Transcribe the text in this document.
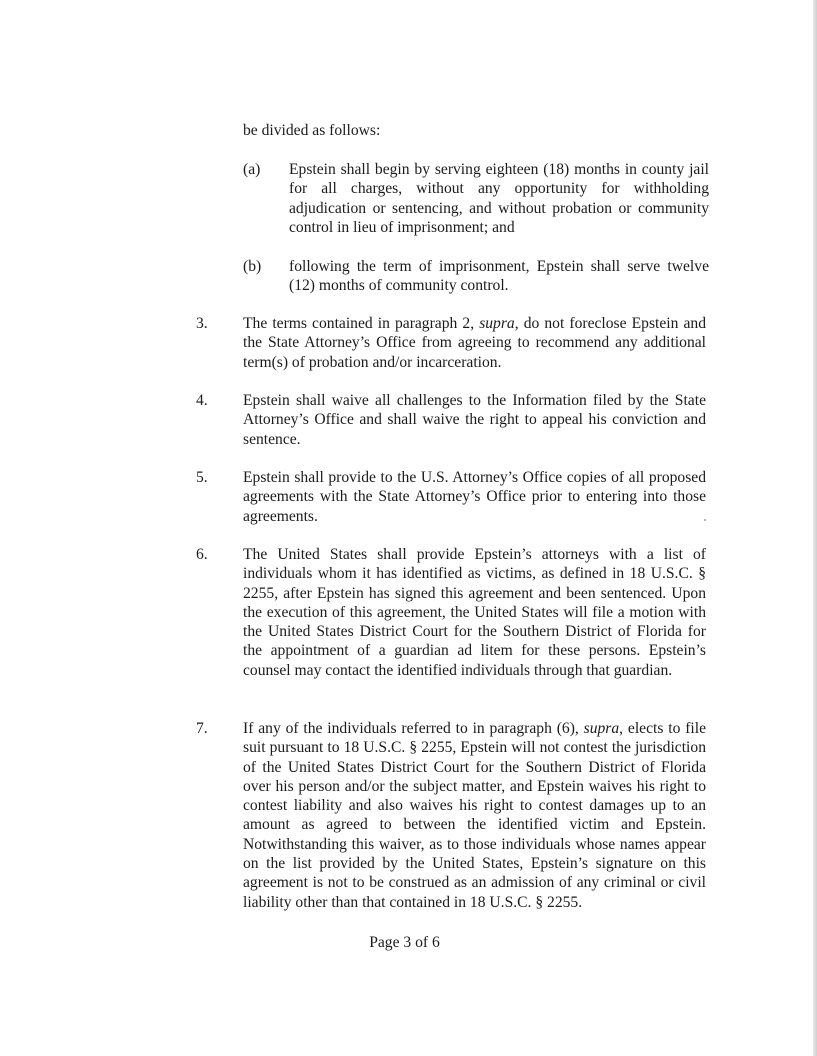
be divided as follows:
(a) Epstein shall begin by serving eighteen (18) months in county jail for all charges, without any opportunity for withholding adjudication or sentencing, and without probation or community control in lieu of imprisonment; and
(b) following the term of imprisonment, Epstein shall serve twelve (12) months of community control.
3. The terms contained in paragraph 2, supra, do not foreclose Epstein and the State Attorney’s Office from agreeing to recommend any additional term(s) of probation and/or incarceration.
4. Epstein shall waive all challenges to the Information filed by the State Attorney’s Office and shall waive the right to appeal his conviction and sentence.
5. Epstein shall provide to the U.S. Attorney’s Office copies of all proposed agreements with the State Attorney’s Office prior to entering into those agreements.
6. The United States shall provide Epstein’s attorneys with a list of individuals whom it has identified as victims, as defined in 18 U.S.C. § 2255, after Epstein has signed this agreement and been sentenced. Upon the execution of this agreement, the United States will file a motion with the United States District Court for the Southern District of Florida for the appointment of a guardian ad litem for these persons. Epstein’s counsel may contact the identified individuals through that guardian.
7. If any of the individuals referred to in paragraph (6), supra, elects to file suit pursuant to 18 U.S.C. § 2255, Epstein will not contest the jurisdiction of the United States District Court for the Southern District of Florida over his person and/or the subject matter, and Epstein waives his right to contest liability and also waives his right to contest damages up to an amount as agreed to between the identified victim and Epstein. Notwithstanding this waiver, as to those individuals whose names appear on the list provided by the United States, Epstein’s signature on this agreement is not to be construed as an admission of any criminal or civil liability other than that contained in 18 U.S.C. § 2255.
Page 3 of 6
